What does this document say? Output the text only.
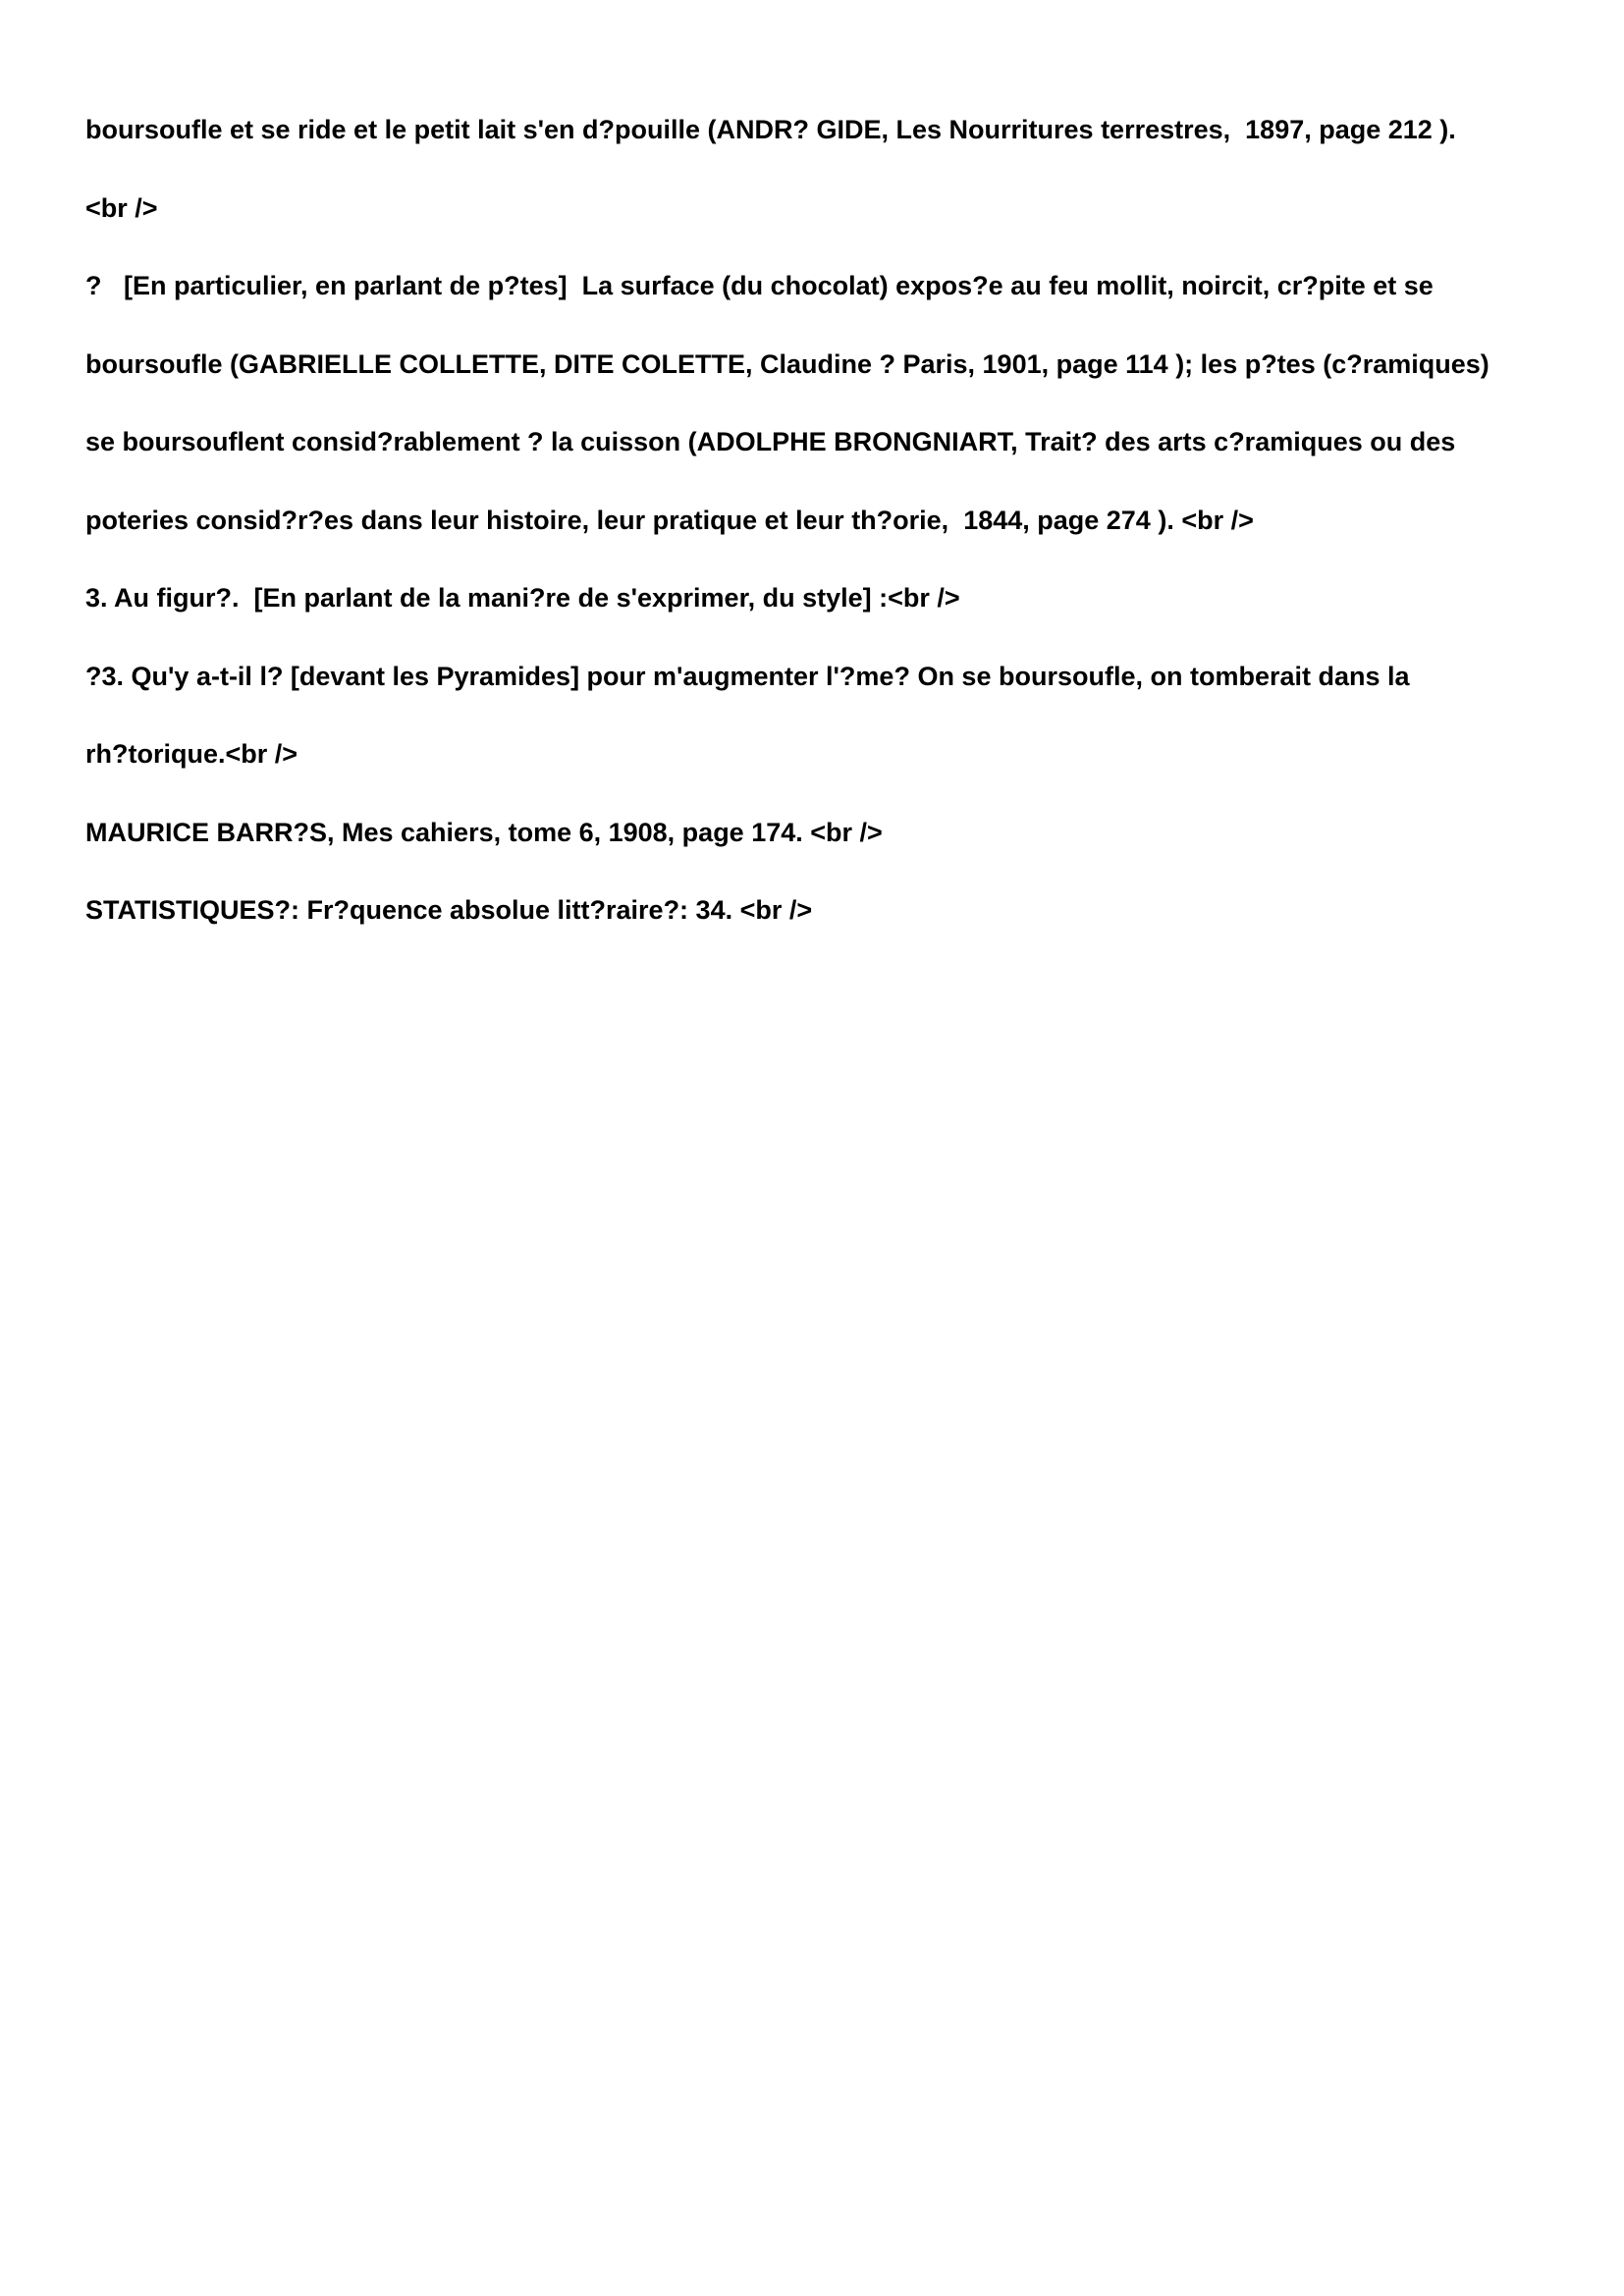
boursoufle et se ride et le petit lait s'en d?pouille (ANDR? GIDE, Les Nourritures terrestres,  1897, page 212 ).

<br />

?   [En particulier, en parlant de p?tes]  La surface (du chocolat) expos?e au feu mollit, noircit, cr?pite et se

boursoufle (GABRIELLE COLLETTE, DITE COLETTE, Claudine ? Paris, 1901, page 114 ); les p?tes (c?ramiques)

se boursouflent consid?rablement ? la cuisson (ADOLPHE BRONGNIART, Trait? des arts c?ramiques ou des

poteries consid?r?es dans leur histoire, leur pratique et leur th?orie,  1844, page 274 ). <br />

3. Au figur?.  [En parlant de la mani?re de s'exprimer, du style] :<br />

?3. Qu'y a-t-il l? [devant les Pyramides] pour m'augmenter l'?me? On se boursoufle, on tomberait dans la

rh?torique.<br />

MAURICE BARR?S, Mes cahiers, tome 6, 1908, page 174. <br />

STATISTIQUES?: Fr?quence absolue litt?raire?: 34. <br />
